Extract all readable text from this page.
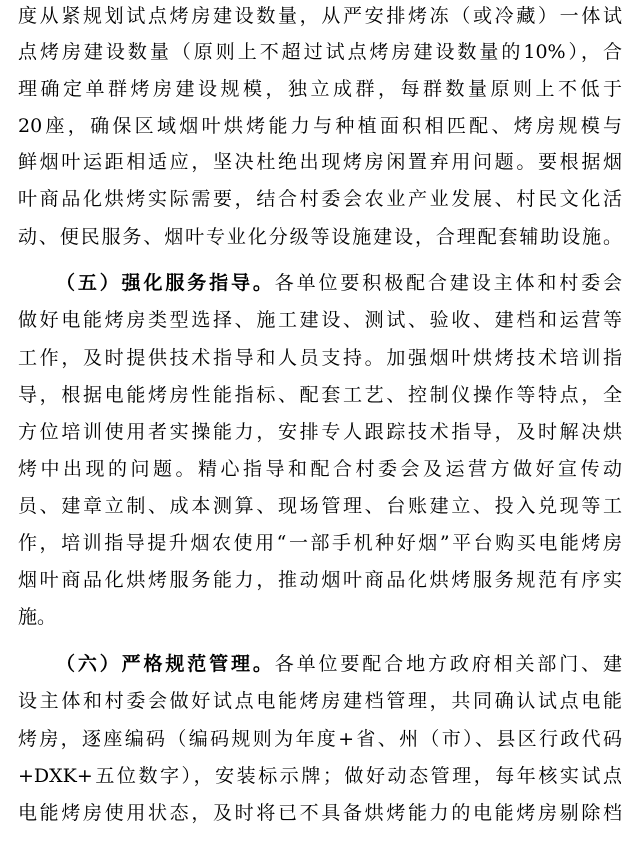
度从紧规划试点烤房建设数量，从严安排烤冻（或冷藏）一体试
点烤房建设数量（原则上不超过试点烤房建设数量的10%），合
理确定单群烤房建设规模，独立成群，每群数量原则上不低于
20座，确保区域烟叶烘烤能力与种植面积相匹配、烤房规模与
鲜烟叶运距相适应，坚决杜绝出现烤房闲置弃用问题。要根据烟
叶商品化烘烤实际需要，结合村委会农业产业发展、村民文化活
动、便民服务、烟叶专业化分级等设施建设，合理配套辅助设施。
（五）强化服务指导。各单位要积极配合建设主体和村委会
做好电能烤房类型选择、施工建设、测试、验收、建档和运营等
工作，及时提供技术指导和人员支持。加强烟叶烘烤技术培训指
导，根据电能烤房性能指标、配套工艺、控制仪操作等特点，全
方位培训使用者实操能力，安排专人跟踪技术指导，及时解决烘
烤中出现的问题。精心指导和配合村委会及运营方做好宣传动
员、建章立制、成本测算、现场管理、台账建立、投入兑现等工
作，培训指导提升烟农使用“一部手机种好烟”平台购买电能烤房
烟叶商品化烘烤服务能力，推动烟叶商品化烘烤服务规范有序实
施。
（六）严格规范管理。各单位要配合地方政府相关部门、建
设主体和村委会做好试点电能烤房建档管理，共同确认试点电能
烤房，逐座编码（编码规则为年度+省、州（市）、县区行政代码
+DXK+五位数字），安装标示牌；做好动态管理，每年核实试点
电能烤房使用状态，及时将已不具备烘烤能力的电能烤房剔除档
